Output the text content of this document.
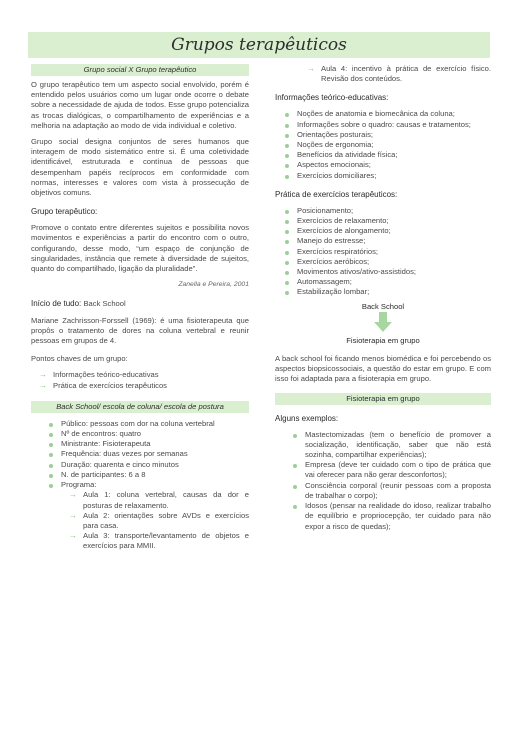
Grupos terapêuticos
Grupo social X Grupo terapêutico

O grupo terapêutico tem um aspecto social envolvido, porém é entendido pelos usuários como um lugar onde ocorre o debate sobre a necessidade de ajuda de todos. Esse grupo potencializa as trocas dialógicas, o compartilhamento de experiências e a melhoria na adaptação ao modo de vida individual e coletivo.

Grupo social designa conjuntos de seres humanos que interagem de modo sistemático entre si. É uma coletividade identificável, estruturada e contínua de pessoas que desempenham papéis recíprocos em conformidade com normas, interesses e valores com vista à prossecução de objetivos comuns.

Grupo terapêutico:

Promove o contato entre diferentes sujeitos e possibilita novos movimentos e experiências a partir do encontro com o outro, configurando, desse modo, “um espaço de conjunção de singularidades, instância que remete à diversidade de sujeitos, quanto do compartilhado, ligação da pluralidade”.

Zanella e Pereira, 2001
Início de tudo: Back School

Mariane Zachrisson-Forssell (1969): é uma fisioterapeuta que propôs o tratamento de dores na coluna vertebral e reunir pessoas em grupos de 4.

Pontos chaves de um grupo:
→ Informações teórico-educativas
→ Prática de exercícios terapêuticos
Back School/ escola de coluna/ escola de postura
Público: pessoas com dor na coluna vertebral
Nº de encontros: quatro
Ministrante: Fisioterapeuta
Frequência: duas vezes por semanas
Duração: quarenta e cinco minutos
N. de participantes: 6 a 8
Programa:
→ Aula 1: coluna vertebral, causas da dor e posturas de relaxamento.

→ Aula 2: orientações sobre AVDs e exercícios para casa.

→ Aula 3: transporte/levantamento de objetos e exercícios para MMII.

→ Aula 4: incentivo à prática de exercício físico. Revisão dos conteúdos.

Informações teórico-educativas:

Noções de anatomia e biomecânica da coluna;

Informações sobre o quadro: causas e tratamentos;

Orientações posturais;
Noções de ergonomia;
Benefícios da atividade física;
Aspectos emocionais;
Exercícios domiciliares;
Prática de exercícios terapêuticos:
Posicionamento;
Exercícios de relaxamento;
Exercícios de alongamento;
Manejo do estresse;
Exercícios respiratórios;
Exercícios aeróbicos;
Movimentos ativos/ativo-assistidos;
Automassagem;
Estabilização lombar;
Back School
Fisioterapia em grupo

A back school foi ficando menos biomédica e foi percebendo os aspectos biopsicossociais, a questão do estar em grupo. E com isso foi adaptada para a fisioterapia em grupo.

Fisioterapia em grupo
Alguns exemplos:

Mastectomizadas (tem o benefício de promover a socialização, identificação, saber que não está sozinha, compartilhar experiências);

Empresa (deve ter cuidado com o tipo de prática que vai oferecer para não gerar desconfortos);

Consciência corporal (reunir pessoas com a proposta de trabalhar o corpo);

Idosos (pensar na realidade do idoso, realizar trabalho de equilíbrio e propriocepção, ter cuidado para não expor a risco de quedas);
